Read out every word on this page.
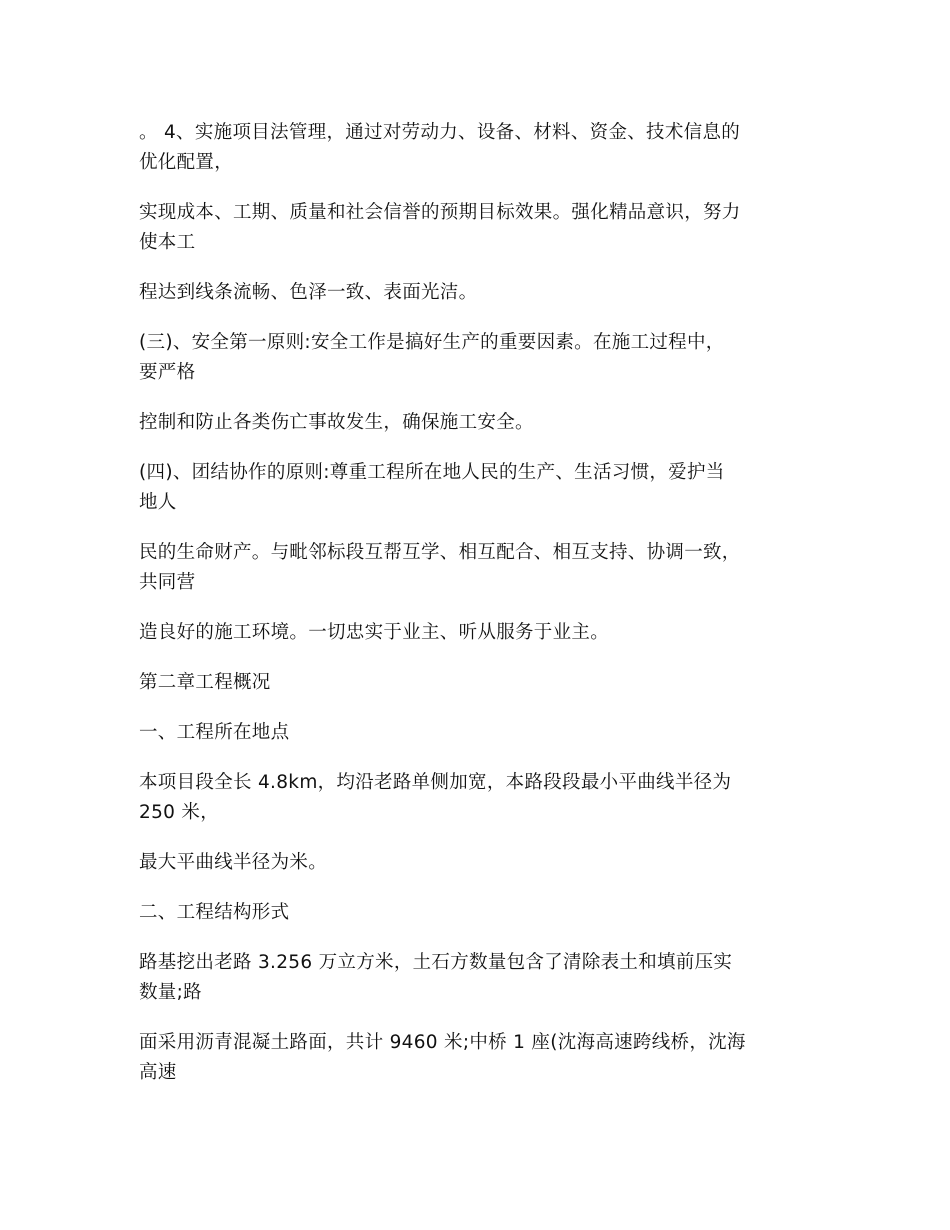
。 4、实施项目法管理，通过对劳动力、设备、材料、资金、技术信息的
优化配置，

实现成本、工期、质量和社会信誉的预期目标效果。强化精品意识，努力
使本工

程达到线条流畅、色泽一致、表面光洁。

(三)、安全第一原则:安全工作是搞好生产的重要因素。在施工过程中，
要严格

控制和防止各类伤亡事故发生，确保施工安全。

(四)、团结协作的原则:尊重工程所在地人民的生产、生活习惯，爱护当
地人

民的生命财产。与毗邻标段互帮互学、相互配合、相互支持、协调一致，
共同营

造良好的施工环境。一切忠实于业主、听从服务于业主。

第二章工程概况

一、工程所在地点

本项目段全长 4.8km，均沿老路单侧加宽，本路段段最小平曲线半径为
250 米，

最大平曲线半径为米。

二、工程结构形式

路基挖出老路 3.256 万立方米，土石方数量包含了清除表土和填前压实
数量;路

面采用沥青混凝土路面，共计 9460 米;中桥 1 座(沈海高速跨线桥，沈海
高速
